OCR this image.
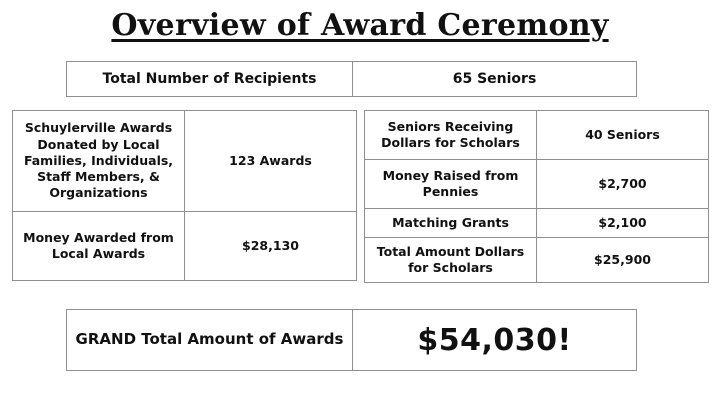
Overview of Award Ceremony
Total Number of Recipients	65 Seniors
Schuylerville Awards Donated by Local Families, Individuals, Staff Members, & Organizations	123 Awards
Money Awarded from Local Awards	$28,130
Seniors Receiving Dollars for Scholars	40 Seniors
Money Raised from Pennies	$2,700
Matching Grants	$2,100
Total Amount Dollars for Scholars	$25,900
GRAND Total Amount of Awards	$54,030!
